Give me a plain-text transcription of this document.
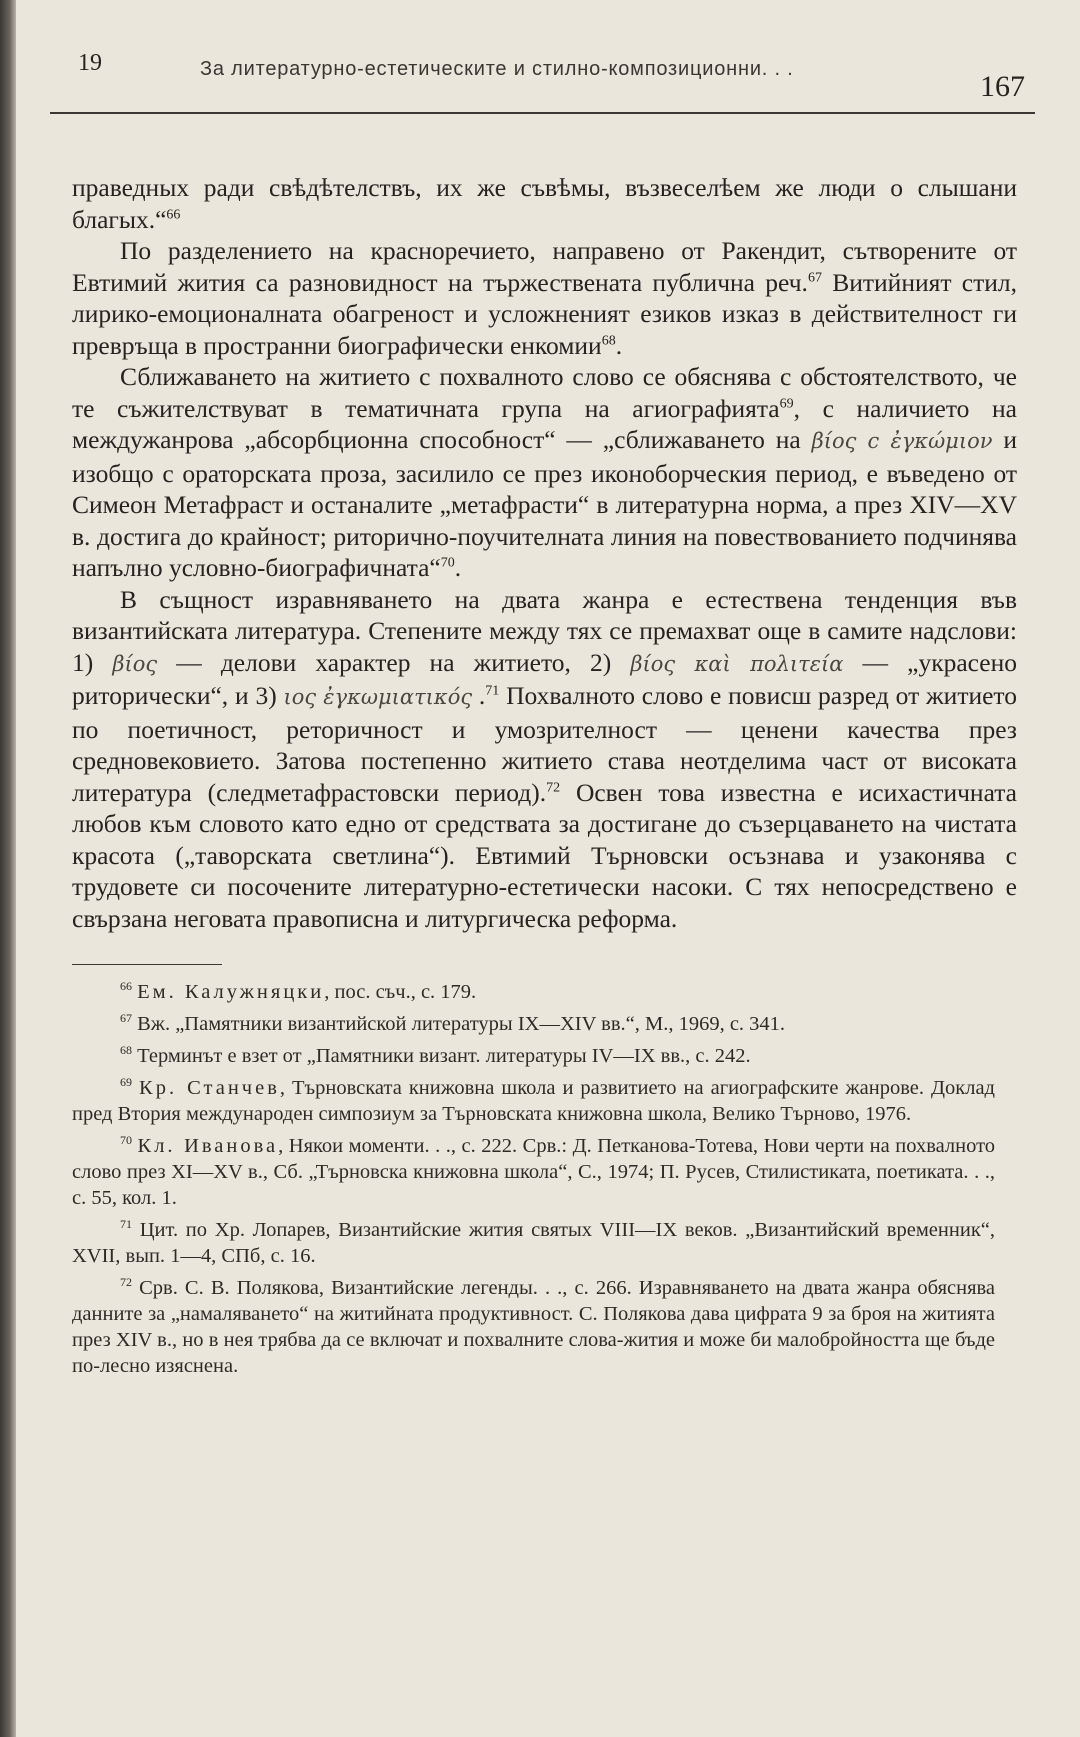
19	За литературно-естетическите и стилно-композиционни. . .
167

праведных ради свѣдѣтелствъ, их же съвѣмы, възвеселѣем же люди о слышани благых.“$^{66}$

По разделението на красноречието, направено от Ракендит, сътворените от Евтимий жития са разновидност на тържествената публична реч.$^{67}$ Витийният стил, лирико-емоционалната обагреност и усложненият езиков изказ в действителност ги превръща в пространни биографически енкомии$^{68}$.

Сближаването на житието с похвалното слово се обяснява с обстоятелството, че те съжителствуват в тематичната група на агиографията$^{69}$, с наличието на междужанрова „абсорбционна способност“ — „сближаването на βίος с ἐγκώμιον и изобщо с ораторската проза, засилило се през иконоборческия период, е въведено от Симеон Метафраст и останалите „метафрасти“ в литературна норма, а през XIV—XV в. достига до крайност; риторично-поучителната линия на повествованието подчинява напълно условно-биографичната“$^{70}$.

В същност изравняването на двата жанра е естествена тенденция във византийската литература. Степените между тях се премахват още в самите надслови: 1) βίος — делови характер на житието, 2) βίος καὶ πολιτεία — „украсено риторически“, и 3) ιος ἐγκωμιατικός .$^{71}$ Похвалното слово е повисш разред от житието по поетичност, реторичност и умозрителност — ценени качества през средновековието. Затова постепенно житието става неотделима част от високата литература (следметафрастовски период).$^{72}$ Освен това известна е исихастичната любов към словото като едно от средствата за достигане до съзерцаването на чистата красота („таворската светлина“). Евтимий Търновски осъзнава и узаконява с трудовете си посочените литературно-естетически насоки. С тях непосредствено е свързана неговата правописна и литургическа реформа.

$^{66}$ Ем. Калужняцки, пос. съч., с. 179.

$^{67}$ Вж. „Памятники византийской литературы IX—XIV вв.“, М., 1969, с. 341.

$^{68}$ Терминът е взет от „Памятники визант. литературы IV—IX вв., с. 242.

$^{69}$ Кр. Станчев, Търновската книжовна школа и развитието на агиографските жанрове. Доклад пред Втория международен симпозиум за Търновската книжовна школа, Велико Търново, 1976.

$^{70}$ Кл. Иванова, Някои моменти. . ., с. 222. Срв.: Д. Петканова-Тотева, Нови черти на похвалното слово през XI—XV в., Сб. „Търновска книжовна школа“, С., 1974; П. Русев, Стилистиката, поетиката. . ., с. 55, кол. 1.

$^{71}$ Цит. по Хр. Лопарев, Византийские жития святых VIII—IX веков. „Византийский временник“, XVII, вып. 1—4, СПб, с. 16.

$^{72}$ Срв. С. В. Полякова, Византийские легенды. . ., с. 266. Изравняването на двата жанра обяснява данните за „намаляването“ на житийната продуктивност. С. Полякова дава цифрата 9 за броя на житията през XIV в., но в нея трябва да се включат и похвалните слова-жития и може би малобройността ще бъде по-лесно изяснена.
